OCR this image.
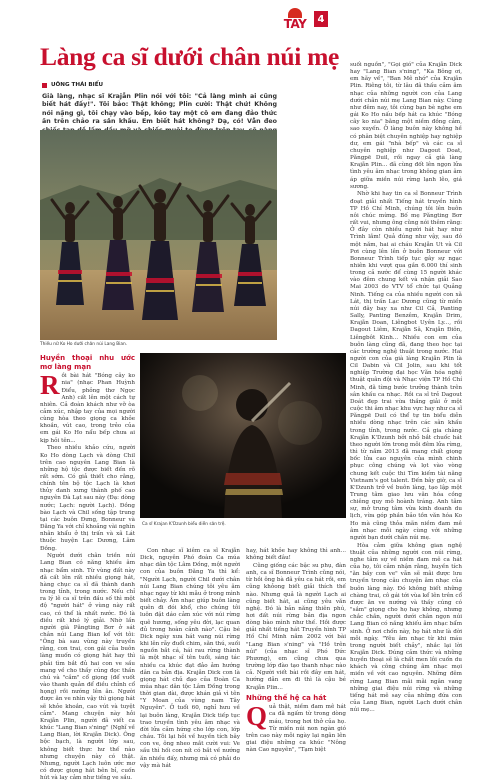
TAY	4
Làng ca sĩ dưới chân núi mẹ
UÔNG THÁI BIỂU
Già làng, nhạc sĩ Krajẵn Plin nói với tôi: "Cả làng mình ai cũng biết hát đấy!". Tôi bảo: Thật không; Plin cười: Thật chứ! Không nói nặng gì, tôi chạy vào bếp, kéo tay một cô em đang đảo thức ăn trên chảo ra sân khấu. Em biết hát không? Dạ, có! Vẫn đeo
Thiếu nữ Ko Ho dưới chân núi Lang Bian.
Ca sĩ Krajan K'Dzunh biểu diễn sân trệ.
Huyền thoại nhu ước mơ làng mạn

Rồi bài hát "Bóng cây ko nia" (nhạc Phan Huỳnh Điểu, phỏng thơ Ngọc Anh) cất lên một cách tự nhiên. Cả đoàn khách như vỡ òa cảm xúc, nhập tay của mọi người cùng hòa theo giọng ca khỏe khoắn, vút cao, trong trẻo của em gái Ko Ho nẩu bếp chưa ai kịp hỏi tên...

Theo nhiều khảo cứu, người Ko Ho dòng Lạch và dòng Chil trên cao nguyên Lang Bian là những hộ tộc được biết đến rõ rất sớm. Có giả thiết cho rằng, chính tên bộ tộc Lạch là khơi thủy danh xưng thành phố cao nguyên Đà Lạt sau này (Đạ: dòng nước; Lạch: người Lạch). Đồng bào Lạch và Chil sống tập trung tại các buôn Đưng, Bonneur và Đăng Ya với chỉ khoảng vài nghìn nhân khẩu ở thị trấn và xã Lát thuộc huyện Lạc Dương, Lâm Đồng.

Người dưới chân triền núi Lang Bian có năng khiếu âm nhạc bẩm sinh. Từ vùng đất này đã cất lên rất nhiều giọng hát, hàng chục ca sĩ đã thành danh trong tỉnh, trong nước. Nếu chỉ ra lý lẽ ca sĩ trên đầu số thì một độ "người hát" ở vùng này rất cao, có thể là nhất nước. Đó là điều rất khó lý giải. Nhờ lần người già Păngting Bơr ở sát chân núi Lang Bian kể với tôi: "Ông bà sau vùng này truyền rằng, con trai, con gái của buôn làng muốn có giọng hát hay thì phải tìm bắt đủ hai con ve sầu mang về cho thầy cúng đọc thần chú và "cắm" cổ giọng (để vuốt vào thanh quản để điều chỉnh cổ họng) rồi nướng lên ăn. Người được ăn ve nhìn vậy thì giọng hát sẽ khỏe khoắn, cao vút và tuyệt cảm". Mang chuyện này hỏi Krajẵn Plin, người đã viết ca khúc "Lang Bian s'ning" (Nghĩ về Lang Bian, lời Krajẵn Dick). Ông bộc bạch, là người lớp sau, không biết thực hư thế nào nhưng chuyện này có thật. Nhưng, người Lạch luôn ước mơ có được giọng hát bên bỉ, cuốn hút và lay cảm như tiếng ve sầu.

Con nhạc sĩ kiêm ca sĩ Krajẵn Dick, nguyên Phó đoàn Ca múa nhạc dân tộc Lâm Đồng, một người con của buôn Đăng Ya thì kể: "Người Lạch, người Chil dưới chân núi Lang Bian chúng tôi yêu âm nhạc ngay từ khi mẫu ở trong mình biết chảy. Âm nhạc giúp buôn làng quên đi đói khổ, cho chúng tôi luôn đặt dáo cảm xúc với núi rừng quê hương, sống yêu đời, lạc quan đủ trong hoàn cảnh nào". Cậu bé Dick ngày xưa hát vang núi rừng khi lên rẫy đuổi chim, săn thú, suối nguồn bắt cá, hái rau rừng thành là một nhạc sĩ tên tuổi, sáng tác nhiều ca khúc đạt đảo ảm hướng dân ca bản địa. Krajẵn Dick con là giọng hát chủ đạo của Đoàn Ca múa nhạc dân tộc Lâm Đồng trong thời gian dài, được khán giả vì tên "Y Moan của vùng nam Tây Nguyên". Ở tuổi 60, nghỉ hưu về lại buôn làng, Krajẵn Dick tiếp tục trao truyền tình yêu âm nhạc và đời lửa cảm hứng cho lớp con, lớp cháu. Tôi lại hỏi về huyền tích bây con ve, ông nheo mắt cười vui: Ve sầu thì hối con nít có bắt về nướng ăn nhiều đấy, nhưng mà có phải do vậy mà hát

hay, hát khỏe hay không thì anh... không biết đâu!

Cũng giống các bậc su phụ, đàn anh, ca sĩ Bonneur Trình cũng nói, từ hồi ông bà đã yêu ca hát rồi, em cũng khỏong biết giải thích thế nào. Nhưng quả là người Lạch ai cũng biết hát, ai cũng yêu văn nghệ. Đó là bản năng thiên phú, hơi đất núi rừng bản địa ngon dòng bào mình như thế. Hồi được giải nhất tiếng hát Truyền hình TP Hồ Chí Minh năm 2002 với bài "Lang Bian s'ning" và "Hồ trên núi" (của nhạc sĩ Phó Đức Phương), em cũng chưa qua trường lớp đào tạo thanh nhạc nào cả. Người viết bài rồi đây em hát, hướng dẫn em đi thì là cậu bé Krajẵn Plin...

Những thế hệ ca hát

Quả thật, niềm đam mê hát ca đã ngấm từ trong dòng máu, trong hơi thở của họ. Từ miền núi non ngàn gió trên cao này mỗi ngày lại ngân lên giai điệu những ca khúc "Nông nàn Cao nguyên", "Tạm biệt

suối nguồn", "Gọi gió" của Krajẵn Dick hay "Lang Bian s'ning", "Ka Bông ơi, em hãy về", "Ban Mê nhớ" của Krajẵn Plin. Riêng tôi, từ lâu đã thấu cảm âm nhạc của những người con của Lang dưới chân núi mẹ Lang Bian này. Cùng như đêm nay, tôi cùng bạn bè nghe em gái Ko Ho nấu bếp hát ca khúc "Bóng cây ko nia" bằng một niềm đồng cảm, sao xuyến. Ở làng buôn này không hề có phân biệt chuyên nghiệp hay nghiệp dư, em gái "nhà bếp" và các ca sĩ chuyên nghiệp như Dagout Doat, Păngpē Duil, rồi ngay cả già làng Krajẵn Plin... đã cùng đốt lên ngọn lửa tình yêu âm nhạc trong không gian âm áp giữa miền núi rừng lạnh lẽo, giá sương.

Nhờ khi hay tin ca sĩ Bonneur Trình đoạt giải nhất Tiếng hát truyền hình TP Hồ Chí Minh, chúng tôi lên buôn nôi chúc mừng. Bố mẹ Păngting Bơr rất vui, nhưng ông cũng nói thêm rằng: Ở đây còn nhiều người hát hay như Trình lắm! Quả đúng như vậy, sau đó một năm, hai ai cháu Krajẵn Ut và Cil Pơi cùng lên lên ở buôn Bonneur với Bonneur Trình tiếp tục gây sự ngạc nhiên khi vượt qua gần 6.000 thí sinh trong cả nước để cùng 15 người khác vào đêm chung kết và nhận giải Sao Mai 2003 do VTV tổ chức tại Quảng Ninh. Tiếng ca của nhiều người con xã Lát, thị trấn Lạc Dương cũng từ miền núi đây bay xa như Cil Cả, Panting Sally, Panting Benzêm, Krajẵn Drim, Krajẵn Doan, Liêngbot Uyên Ly..., rồi Dagout Liêm, Krajẵn Sâ, Krajẵn Điôn, Liêngbôt Kinh... Nhiều con em của buôn làng cũng đã, đang theo học tại các trường nghệ thuật trong nước. Hai người con của già làng Krajẵn Plin là Cil Dabin và Cil Jolin, sau khi tốt nghiệp Trường đại học Văn hóa nghệ thuật quân đội và Nhạc viện TP Hồ Chí Minh, đã từng bước trưởng thành trên sân khấu ca nhạc. Rồi ca sĩ trẻ Dagout Doát đẹp trai vừa thắng giải ở một cuộc thi âm nhạc khu vực hay như ca sĩ Păngpē Duil có thể tự tin biểu diễn nhiều dòng nhạc trên các sân khấu trong tỉnh, trong nước. Cả gia chàng Krajẵn K'Dzunh bởi nhỏ bắt chuốc hát theo người lớn trong mỗi đêm lửa rừng, thì từ năm 2013 đã mang chất giọng bốc lửa cao nguyên của mình chinh phục công chúng và lọt vào vòng chung kết cuộc thi Tìm kiếm tài năng Vietnam's got talent. Đến bây giờ, ca sĩ K'Dzunh trở về buôn làng, tạo lập một Trung tâm giao lưu văn hóa cồng chiêng quy mô hoành tráng. Anh tâm sự, mở trung tâm vừa kinh doanh du lịch, vừa góp phần bảo tồn văn hóa Ko Ho mà cũng thỏa mãn niềm đam mê âm nhạc mỗi ngày cùng với những người bạn dưới chân núi mẹ.

Hòa cảm giữa không gian nghệ thuật của những người con núi rừng, nghe tâm sự về niềm đam mê ca hát của họ, tôi cảm nhận rằng, huyền tích "ăn bầy con ve" vẫn sẽ mãi được lưu truyền trong câu chuyện âm nhạc của buôn làng này. Đó không biết những chàng trai, cô gái tới vùa kể lên trên cổ được ăn ve nướng và thầy cúng có "sắm" giọng cho họ hay không, nhưng chắc chắn, người dưới chân ngọn núi Lang Bian có năng khiếu âm nhạc bẩm sinh. Ở nơi chốn này, họ hát như là đời mỗi ngày. "Yêu âm nhạc từ khi máu trong người biết chảy", nhắc lại lời Krajẵn Dick. Đúng cảm thức và những huyền thoại sẽ là chất men lôi cuốn du khách và công chúng âm nhạc mọi miền về với cao nguyên. Những đêm rừng Lang Bian mãi mãi ngân vang những giai điệu núi rừng và những tiếng hát mê say của những đứa con của Lang Bian, người Lạch dưới chân núi mẹ...
